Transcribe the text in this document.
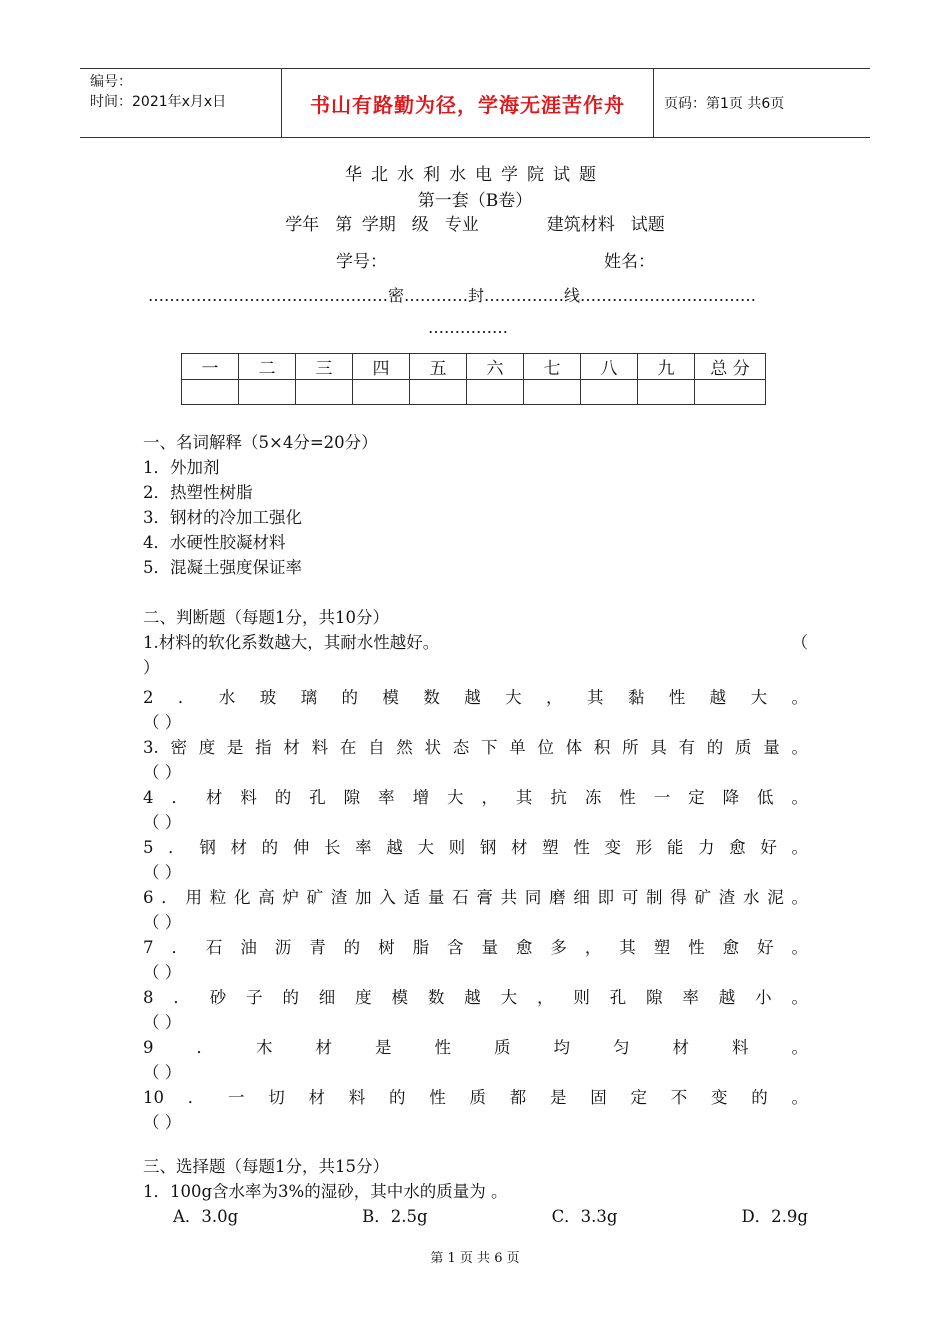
编号：
时间：2021年x月x日	书山有路勤为径，学海无涯苦作舟	页码：第1页 共6页
华北水利水电学院试题
第一套（B卷）
学年 第 学期 级 专业	建筑材料 试题
学号：	姓名：
………………………………………密…………封……………线……………………………
……………
一	二	三	四	五	六	七	八	九	总 分

一、名词解释（5×4分=20分）
1．外加剂
2．热塑性树脂
3．钢材的冷加工强化
4．水硬性胶凝材料
5．混凝土强度保证率
二、判断题（每题1分，共10分）
1.材料的软化系数越大，其耐水性越好。	（
）
2．水玻璃的模数越大，其黏性越大。
（ ）
3.密度是指材料在自然状态下单位体积所具有的质量。
（ ）
4．材料的孔隙率增大，其抗冻性一定降低。
（ ）
5．钢材的伸长率越大则钢材塑性变形能力愈好。
（ ）
6．用粒化高炉矿渣加入适量石膏共同磨细即可制得矿渣水泥。
（ ）
7．石油沥青的树脂含量愈多，其塑性愈好。
（ ）
8．砂子的细度模数越大，则孔隙率越小。
（ ）
9．木材是性质均匀材料。
（ ）
10．一切材料的性质都是固定不变的。
（ ）
三、选择题（每题1分，共15分）
1．100g含水率为3%的湿砂，其中水的质量为 。
A．3.0g	B．2.5g	C．3.3g	D．2.9g
第 1 页 共 6 页
